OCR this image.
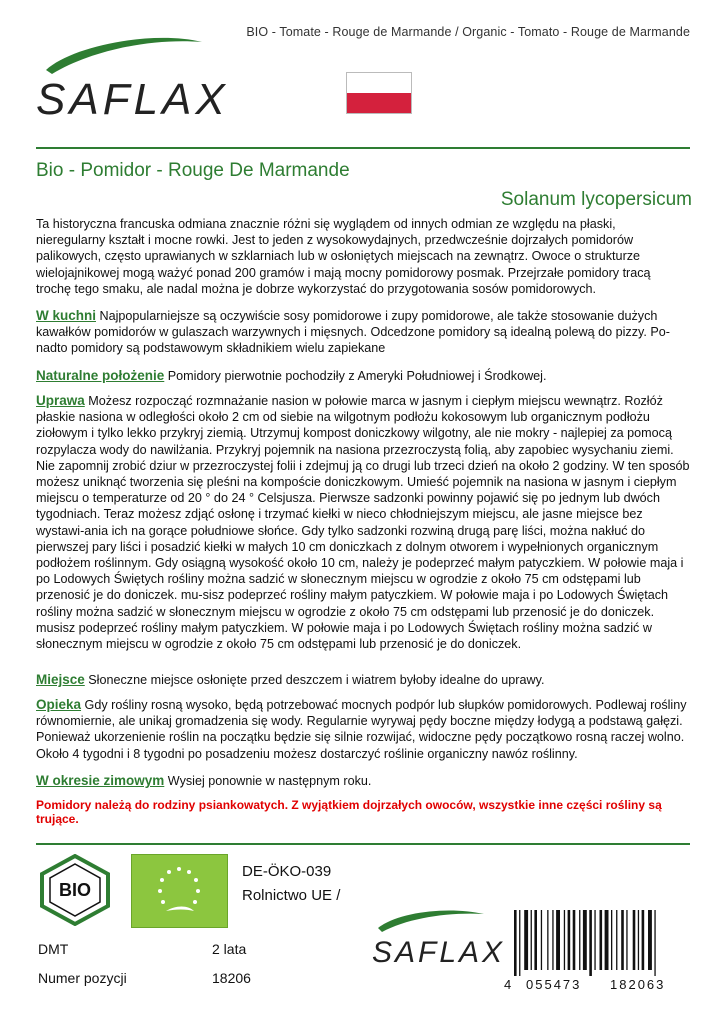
BIO - Tomate - Rouge de Marmande / Organic - Tomato - Rouge de Marmande
SAFLAX
Bio - Pomidor - Rouge De Marmande
Solanum lycopersicum

Ta historyczna francuska odmiana znacznie różni się wyglądem od innych odmian ze względu na płaski, nieregularny kształt i mocne rowki. Jest to jeden z wysokowydajnych, przedwcześnie dojrzałych pomidorów palikowych, często uprawianych w szklarniach lub w osłoniętych miejscach na zewnątrz. Owoce o strukturze wielojajnikowej mogą ważyć ponad 200 gramów i mają mocny pomidorowy posmak. Przejrzałe pomidory tracą trochę tego smaku, ale nadal można je dobrze wykorzystać do przygotowania sosów pomidorowych.

W kuchni Najpopularniejsze są oczywiście sosy pomidorowe i zupy pomidorowe, ale także stosowanie dużych kawałków pomidorów w gulaszach warzywnych i mięsnych. Odcedzone pomidory są idealną polewą do pizzy. Po-nadto pomidory są podstawowym składnikiem wielu zapiekane
Naturalne położenie Pomidory pierwotnie pochodziły z Ameryki Południowej i Środkowej.
Uprawa Możesz rozpocząć rozmnażanie nasion w połowie marca w jasnym i ciepłym miejscu wewnątrz. Rozłóż płaskie nasiona w odległości około 2 cm od siebie na wilgotnym podłożu kokosowym lub organicznym podłożu ziołowym i tylko lekko przykryj ziemią. Utrzymuj kompost doniczkowy wilgotny, ale nie mokry - najlepiej za pomocą rozpylacza wody do nawilżania. Przykryj pojemnik na nasiona przezroczystą folią, aby zapobiec wysychaniu ziemi. Nie zapomnij zrobić dziur w przezroczystej folii i zdejmuj ją co drugi lub trzeci dzień na około 2 godziny. W ten sposób możesz uniknąć tworzenia się pleśni na kompoście doniczkowym. Umieść pojemnik na nasiona w jasnym i ciepłym miejscu o temperaturze od 20 ° do 24 ° Celsjusza. Pierwsze sadzonki powinny pojawić się po jednym lub dwóch tygodniach. Teraz możesz zdjąć osłonę i trzymać kiełki w nieco chłodniejszym miejscu, ale jasne miejsce bez wystawi-ania ich na gorące południowe słońce. Gdy tylko sadzonki rozwiną drugą parę liści, można nakłuć do pierwszej pary liści i posadzić kiełki w małych 10 cm doniczkach z dolnym otworem i wypełnionych organicznym podłożem roślinnym. Gdy osiągną wysokość około 10 cm, należy je podeprzeć małym patyczkiem. W połowie maja i po Lodowych Świętych rośliny można sadzić w słonecznym miejscu w ogrodzie z około 75 cm odstępami lub przenosić je do doniczek. mu-sisz podeprzeć rośliny małym patyczkiem. W połowie maja i po Lodowych Świętach rośliny można sadzić w słonecznym miejscu w ogrodzie z około 75 cm odstępami lub przenosić je do doniczek. musisz podeprzeć rośliny małym patyczkiem. W połowie maja i po Lodowych Świętach rośliny można sadzić w słonecznym miejscu w ogrodzie z około 75 cm odstępami lub przenosić je do doniczek.
Miejsce Słoneczne miejsce osłonięte przed deszczem i wiatrem byłoby idealne do uprawy.
Opieka Gdy rośliny rosną wysoko, będą potrzebować mocnych podpór lub słupków pomidorowych. Podlewaj rośliny równomiernie, ale unikaj gromadzenia się wody. Regularnie wyrywaj pędy boczne między łodygą a podstawą gałęzi. Ponieważ ukorzenienie roślin na początku będzie się silnie rozwijać, widoczne pędy początkowo rosną raczej wolno. Około 4 tygodni i 8 tygodni po posadzeniu możesz dostarczyć roślinie organiczny nawóz roślinny.
W okresie zimowym Wysiej ponownie w następnym roku.
Pomidory należą do rodziny psiankowatych. Z wyjątkiem dojrzałych owoców, wszystkie inne części rośliny są trujące.
BIO
DE-ÖKO-039
Rolnictwo UE /
DMT	2 lata
Numer pozycji	18206
SAFLAX
4 055473 182063
